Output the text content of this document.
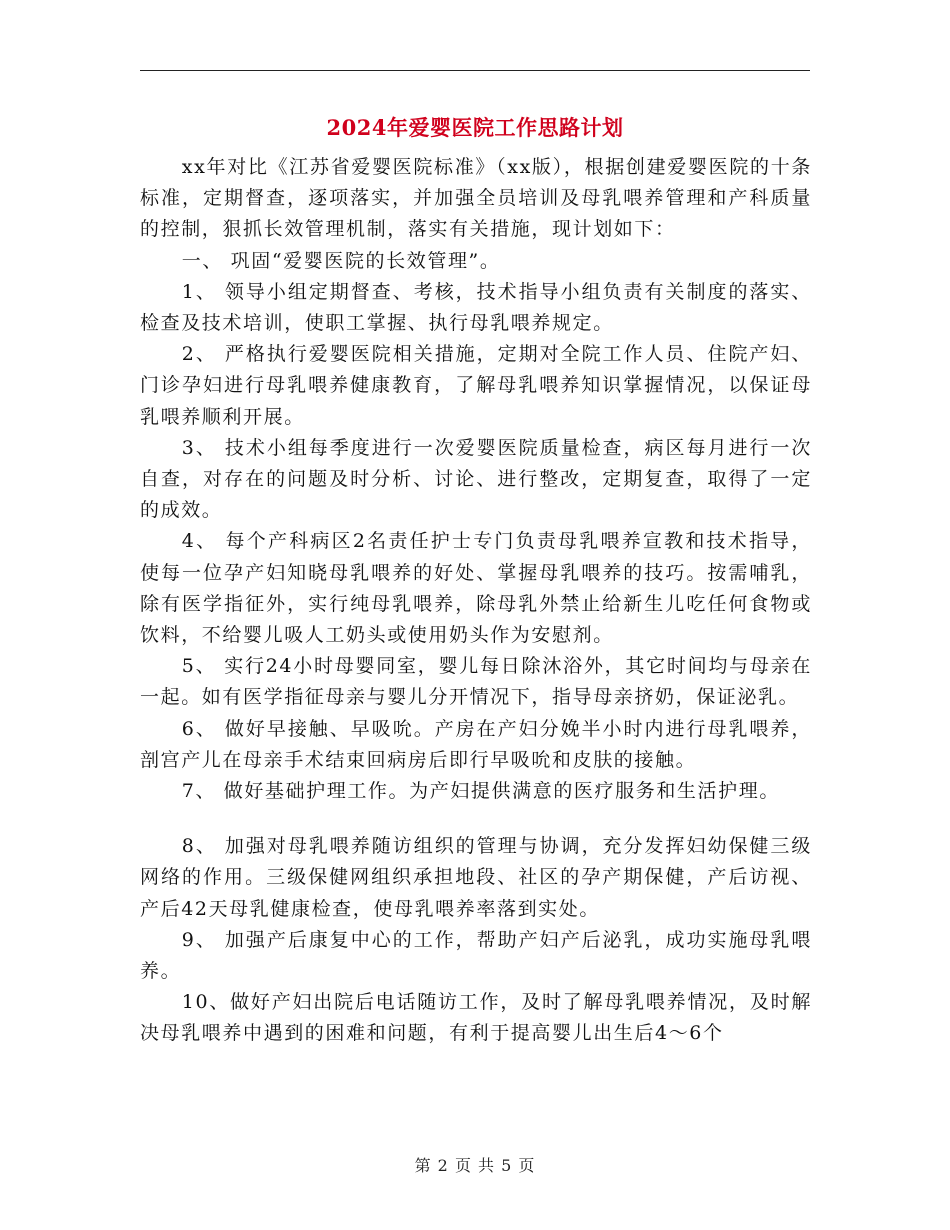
2024年爱婴医院工作思路计划

xx年对比《江苏省爱婴医院标准》（xx版），根据创建爱婴医院的十条标准，定期督查，逐项落实，并加强全员培训及母乳喂养管理和产科质量的控制，狠抓长效管理机制，落实有关措施，现计划如下：

一、 巩固“爱婴医院的长效管理”。

1、 领导小组定期督查、考核，技术指导小组负责有关制度的落实、检查及技术培训，使职工掌握、执行母乳喂养规定。

2、 严格执行爱婴医院相关措施，定期对全院工作人员、住院产妇、门诊孕妇进行母乳喂养健康教育，了解母乳喂养知识掌握情况，以保证母乳喂养顺利开展。

3、 技术小组每季度进行一次爱婴医院质量检查，病区每月进行一次自查，对存在的问题及时分析、讨论、进行整改，定期复查，取得了一定的成效。

4、 每个产科病区2名责任护士专门负责母乳喂养宣教和技术指导，使每一位孕产妇知晓母乳喂养的好处、掌握母乳喂养的技巧。按需哺乳，除有医学指征外，实行纯母乳喂养，除母乳外禁止给新生儿吃任何食物或饮料，不给婴儿吸人工奶头或使用奶头作为安慰剂。

5、 实行24小时母婴同室，婴儿每日除沐浴外，其它时间均与母亲在一起。如有医学指征母亲与婴儿分开情况下，指导母亲挤奶，保证泌乳。

6、 做好早接触、早吸吮。产房在产妇分娩半小时内进行母乳喂养，剖宫产儿在母亲手术结束回病房后即行早吸吮和皮肤的接触。

7、 做好基础护理工作。为产妇提供满意的医疗服务和生活护理。

8、 加强对母乳喂养随访组织的管理与协调，充分发挥妇幼保健三级网络的作用。三级保健网组织承担地段、社区的孕产期保健，产后访视、产后42天母乳健康检查，使母乳喂养率落到实处。

9、 加强产后康复中心的工作，帮助产妇产后泌乳，成功实施母乳喂养。

10、做好产妇出院后电话随访工作，及时了解母乳喂养情况，及时解决母乳喂养中遇到的困难和问题，有利于提高婴儿出生后4～6个

第 2 页 共 5 页
